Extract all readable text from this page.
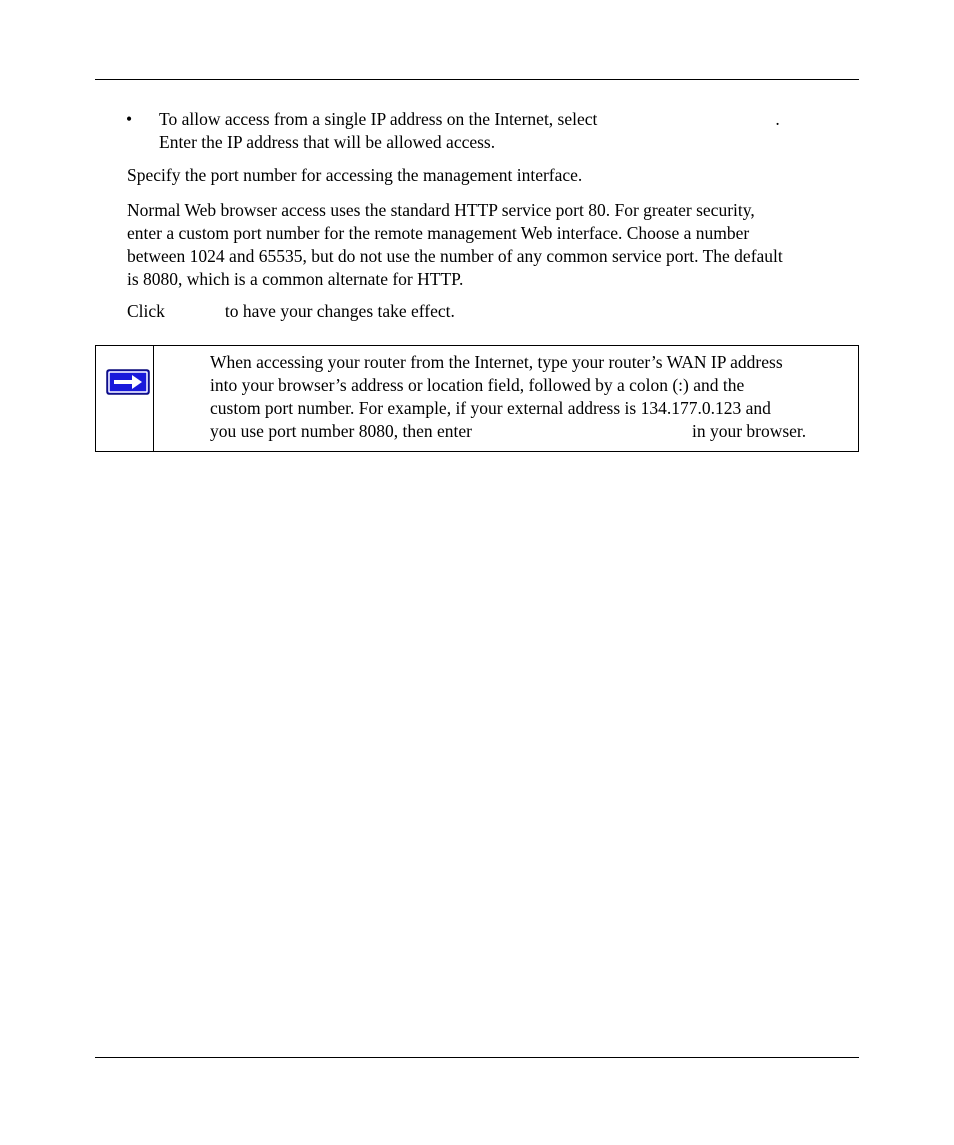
• To allow access from a single IP address on the Internet, select	.
Enter the IP address that will be allowed access.
Specify the port number for accessing the management interface.
Normal Web browser access uses the standard HTTP service port 80. For greater security,
enter a custom port number for the remote management Web interface. Choose a number
between 1024 and 65535, but do not use the number of any common service port. The default
is 8080, which is a common alternate for HTTP.
Click	to have your changes take effect.
When accessing your router from the Internet, type your router’s WAN IP address
into your browser’s address or location field, followed by a colon (:) and the
custom port number. For example, if your external address is 134.177.0.123 and
you use port number 8080, then enter	in your browser.
